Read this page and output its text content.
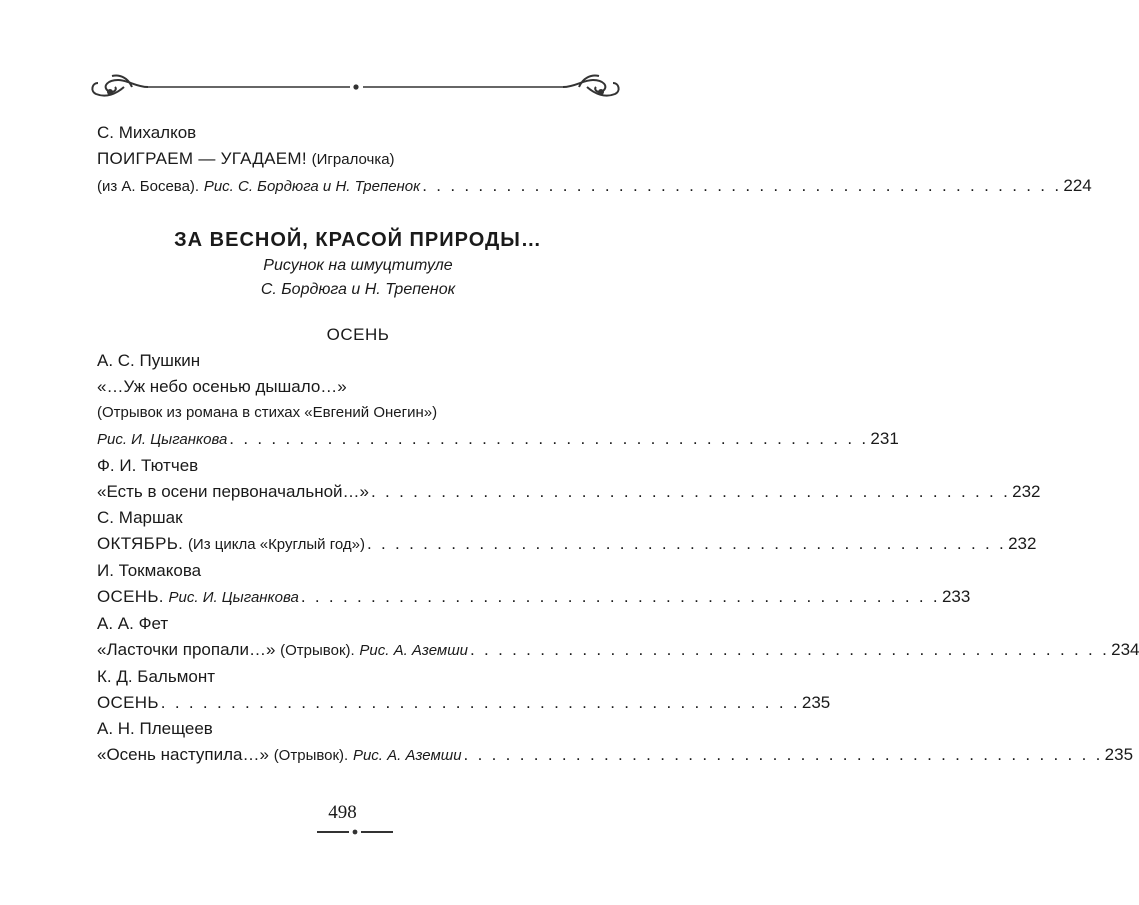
С. Михалков
ПОИГРАЕМ — УГАДАЕМ! (Игралочка)
(из А. Босева). Рис. С. Бордюга и Н. Трепенок . . . . . . . . . . . . . . . . . . . . . . . . . . . . . . . . . . . . . . . . . . . . . . 224
ЗА ВЕСНОЙ, КРАСОЙ ПРИРОДЫ…
Рисунок на шмуцтитуле
С. Бордюга и Н. Трепенок
ОСЕНЬ
А. С. Пушкин
«…Уж небо осенью дышало…»
(Отрывок из романа в стихах «Евгений Онегин»)
Рис. И. Цыганкова . . . . . . . . . . . . . . . . . . . . . . . . . . . . . . . . . . . . . . . . . . . . . . 231
Ф. И. Тютчев
«Есть в осени первоначальной…» . . . . . . . . . . . . . . . . . . . . . . . . . . . . . . . . . . . . . . . . . . . . . . 232
С. Маршак
ОКТЯБРЬ. (Из цикла «Круглый год») . . . . . . . . . . . . . . . . . . . . . . . . . . . . . . . . . . . . . . . . . . . . . . 232
И. Токмакова
ОСЕНЬ. Рис. И. Цыганкова . . . . . . . . . . . . . . . . . . . . . . . . . . . . . . . . . . . . . . . . . . . . . . 233
А. А. Фет
«Ласточки пропали…» (Отрывок). Рис. А. Аземши . . . . . . . . . . . . . . . . . . . . . . . . . . . . . . . . . . . . . . . . . . . . . . 234
К. Д. Бальмонт
ОСЕНЬ . . . . . . . . . . . . . . . . . . . . . . . . . . . . . . . . . . . . . . . . . . . . . . 235
А. Н. Плещеев
«Осень наступила…» (Отрывок). Рис. А. Аземши . . . . . . . . . . . . . . . . . . . . . . . . . . . . . . . . . . . . . . . . . . . . . . 235
498
